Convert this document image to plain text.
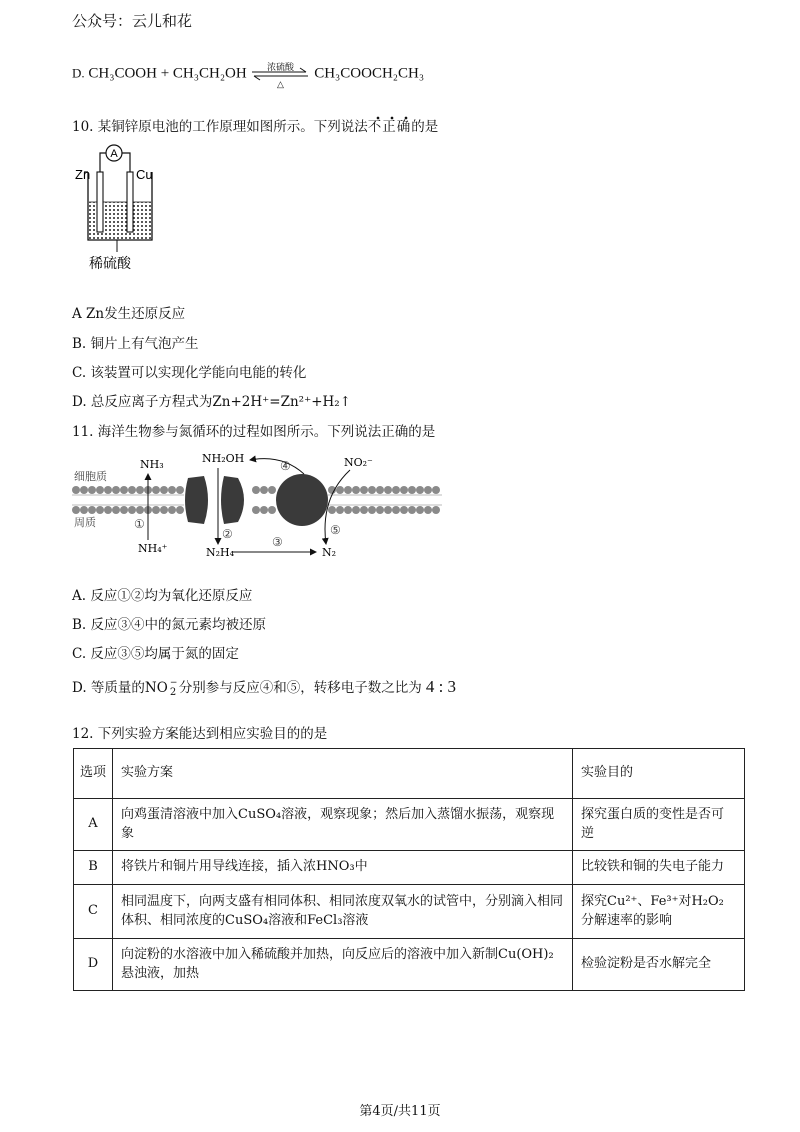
公众号：云儿和花
D. CH₃COOH + CH₃CH₂OH	浓硫酸
△
CH₃COOCH₂CH₃
10. 某铜锌原电池的工作原理如图所示。下列说法不正确的是
A
Zn	Cu
稀硫酸
A Zn发生还原反应
B. 铜片上有气泡产生
C. 该装置可以实现化学能向电能的转化
D. 总反应离子方程式为Zn+2H⁺=Zn²⁺+H₂↑
11. 海洋生物参与氮循环的过程如图所示。下列说法正确的是
细胞质
周质
NH₃	NH₂OH	NO₂⁻
NH₄⁺	N₂H₄	N₂
①
②
③
④
⑤
A. 反应①②均为氧化还原反应
B. 反应③④中的氮元素均被还原
C. 反应③⑤均属于氮的固定
D. 等质量的NO −
2 分别参与反应④和⑤，转移电子数之比为 4 : 3
12. 下列实验方案能达到相应实验目的的是
选项	实验方案	实验目的
A	向鸡蛋清溶液中加入CuSO₄溶液，观察现象；然后加入蒸馏水振荡，观察现象	探究蛋白质的变性是否可逆
B	将铁片和铜片用导线连接，插入浓HNO₃中	比较铁和铜的失电子能力
C	相同温度下，向两支盛有相同体积、相同浓度双氧水的试管中，分别滴入相同体积、相同浓度的CuSO₄溶液和FeCl₃溶液	探究Cu²⁺、Fe³⁺对H₂O₂分解速率的影响
D	向淀粉的水溶液中加入稀硫酸并加热，向反应后的溶液中加入新制Cu(OH)₂悬浊液，加热	检验淀粉是否水解完全
第4页/共11页
